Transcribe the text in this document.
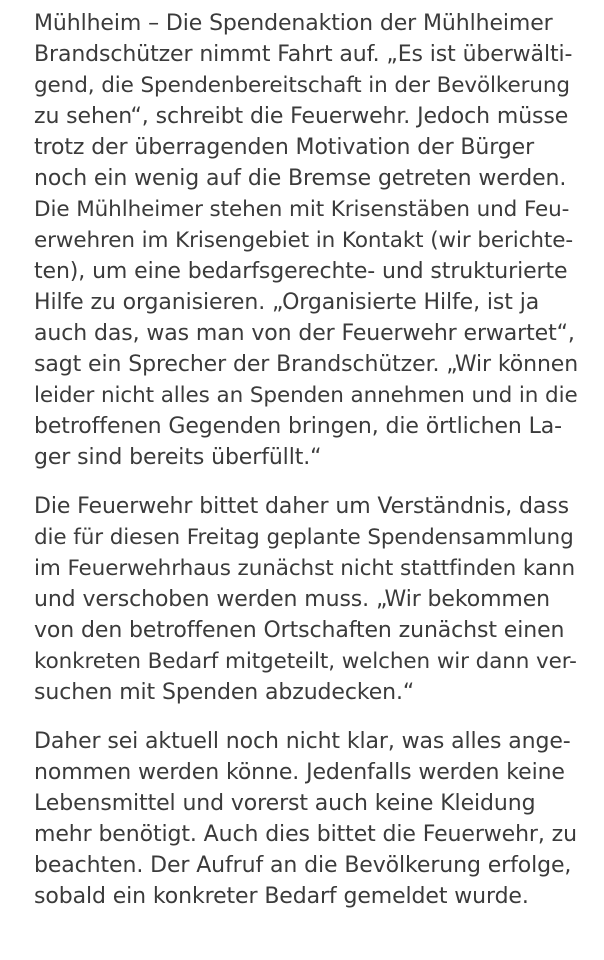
Mühlheim – Die Spendenaktion der Mühlheimer
Brandschützer nimmt Fahrt auf. „Es ist überwälti-
gend, die Spendenbereitschaft in der Bevölkerung
zu sehen“, schreibt die Feuerwehr. Jedoch müsse
trotz der überragenden Motivation der Bürger
noch ein wenig auf die Bremse getreten werden.
Die Mühlheimer stehen mit Krisenstäben und Feu-
erwehren im Krisengebiet in Kontakt (wir berichte-
ten), um eine bedarfsgerechte- und strukturierte
Hilfe zu organisieren. „Organisierte Hilfe, ist ja
auch das, was man von der Feuerwehr erwartet“,
sagt ein Sprecher der Brandschützer. „Wir können
leider nicht alles an Spenden annehmen und in die
betroffenen Gegenden bringen, die örtlichen La-
ger sind bereits überfüllt.“

Die Feuerwehr bittet daher um Verständnis, dass
die für diesen Freitag geplante Spendensammlung
im Feuerwehrhaus zunächst nicht stattfinden kann
und verschoben werden muss. „Wir bekommen
von den betroffenen Ortschaften zunächst einen
konkreten Bedarf mitgeteilt, welchen wir dann ver-
suchen mit Spenden abzudecken.“

Daher sei aktuell noch nicht klar, was alles ange-
nommen werden könne. Jedenfalls werden keine
Lebensmittel und vorerst auch keine Kleidung
mehr benötigt. Auch dies bittet die Feuerwehr, zu
beachten. Der Aufruf an die Bevölkerung erfolge,
sobald ein konkreter Bedarf gemeldet wurde.
